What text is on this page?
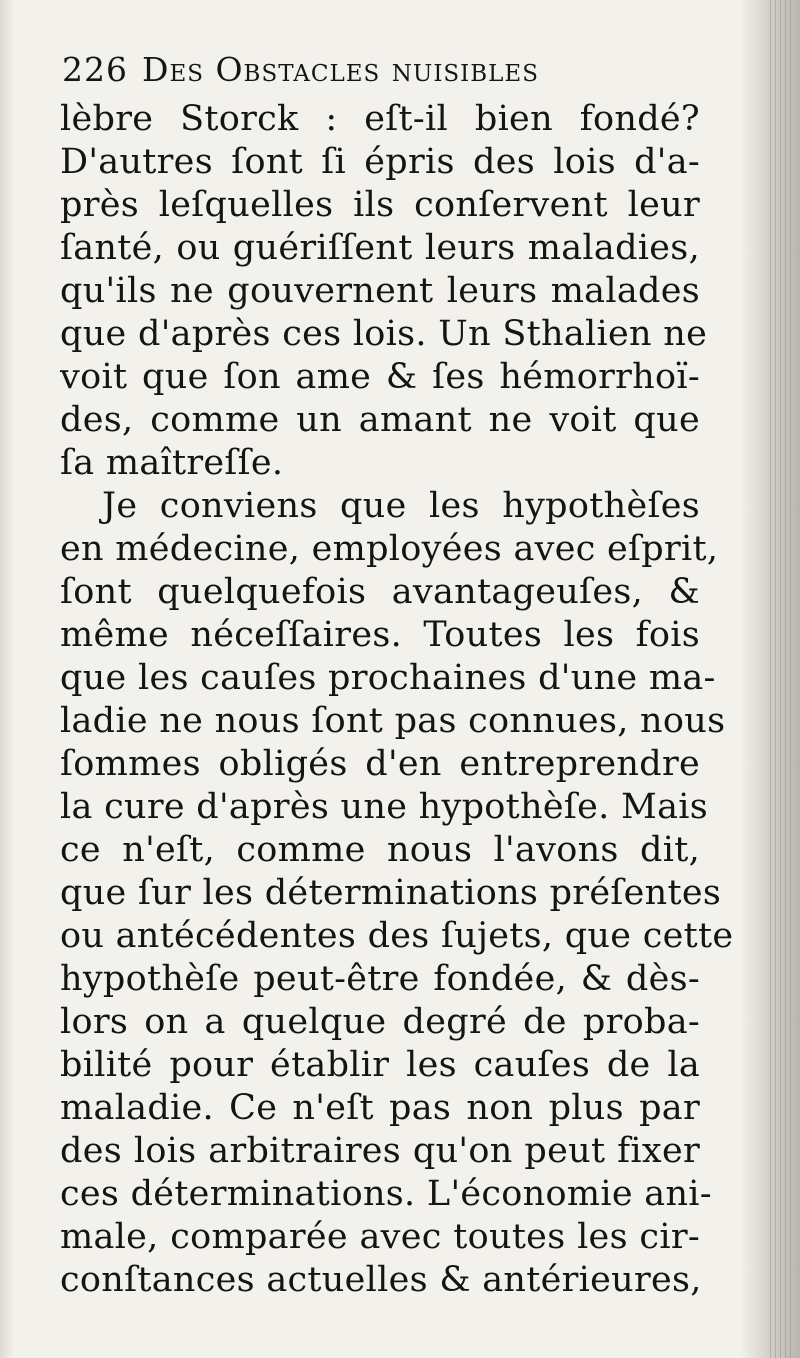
226 Des Obstacles nuisibles
lèbre Storck : eſt-il bien fondé?
D'autres ſont ſi épris des lois d'a-
près leſquelles ils conſervent leur
ſanté, ou guériſſent leurs maladies,
qu'ils ne gouvernent leurs malades
que d'après ces lois. Un Sthalien ne
voit que ſon ame & ſes hémorrhoï-
des, comme un amant ne voit que
ſa maîtreſſe.
Je conviens que les hypothèſes
en médecine, employées avec eſprit,
ſont quelquefois avantageuſes, &
même néceſſaires. Toutes les fois
que les cauſes prochaines d'une ma-
ladie ne nous ſont pas connues, nous
ſommes obligés d'en entreprendre
la cure d'après une hypothèſe. Mais
ce n'eſt, comme nous l'avons dit,
que ſur les déterminations préſentes
ou antécédentes des ſujets, que cette
hypothèſe peut-être fondée, & dès-
lors on a quelque degré de proba-
bilité pour établir les cauſes de la
maladie. Ce n'eſt pas non plus par
des lois arbitraires qu'on peut fixer
ces déterminations. L'économie ani-
male, comparée avec toutes les cir-
conſtances actuelles & antérieures,
